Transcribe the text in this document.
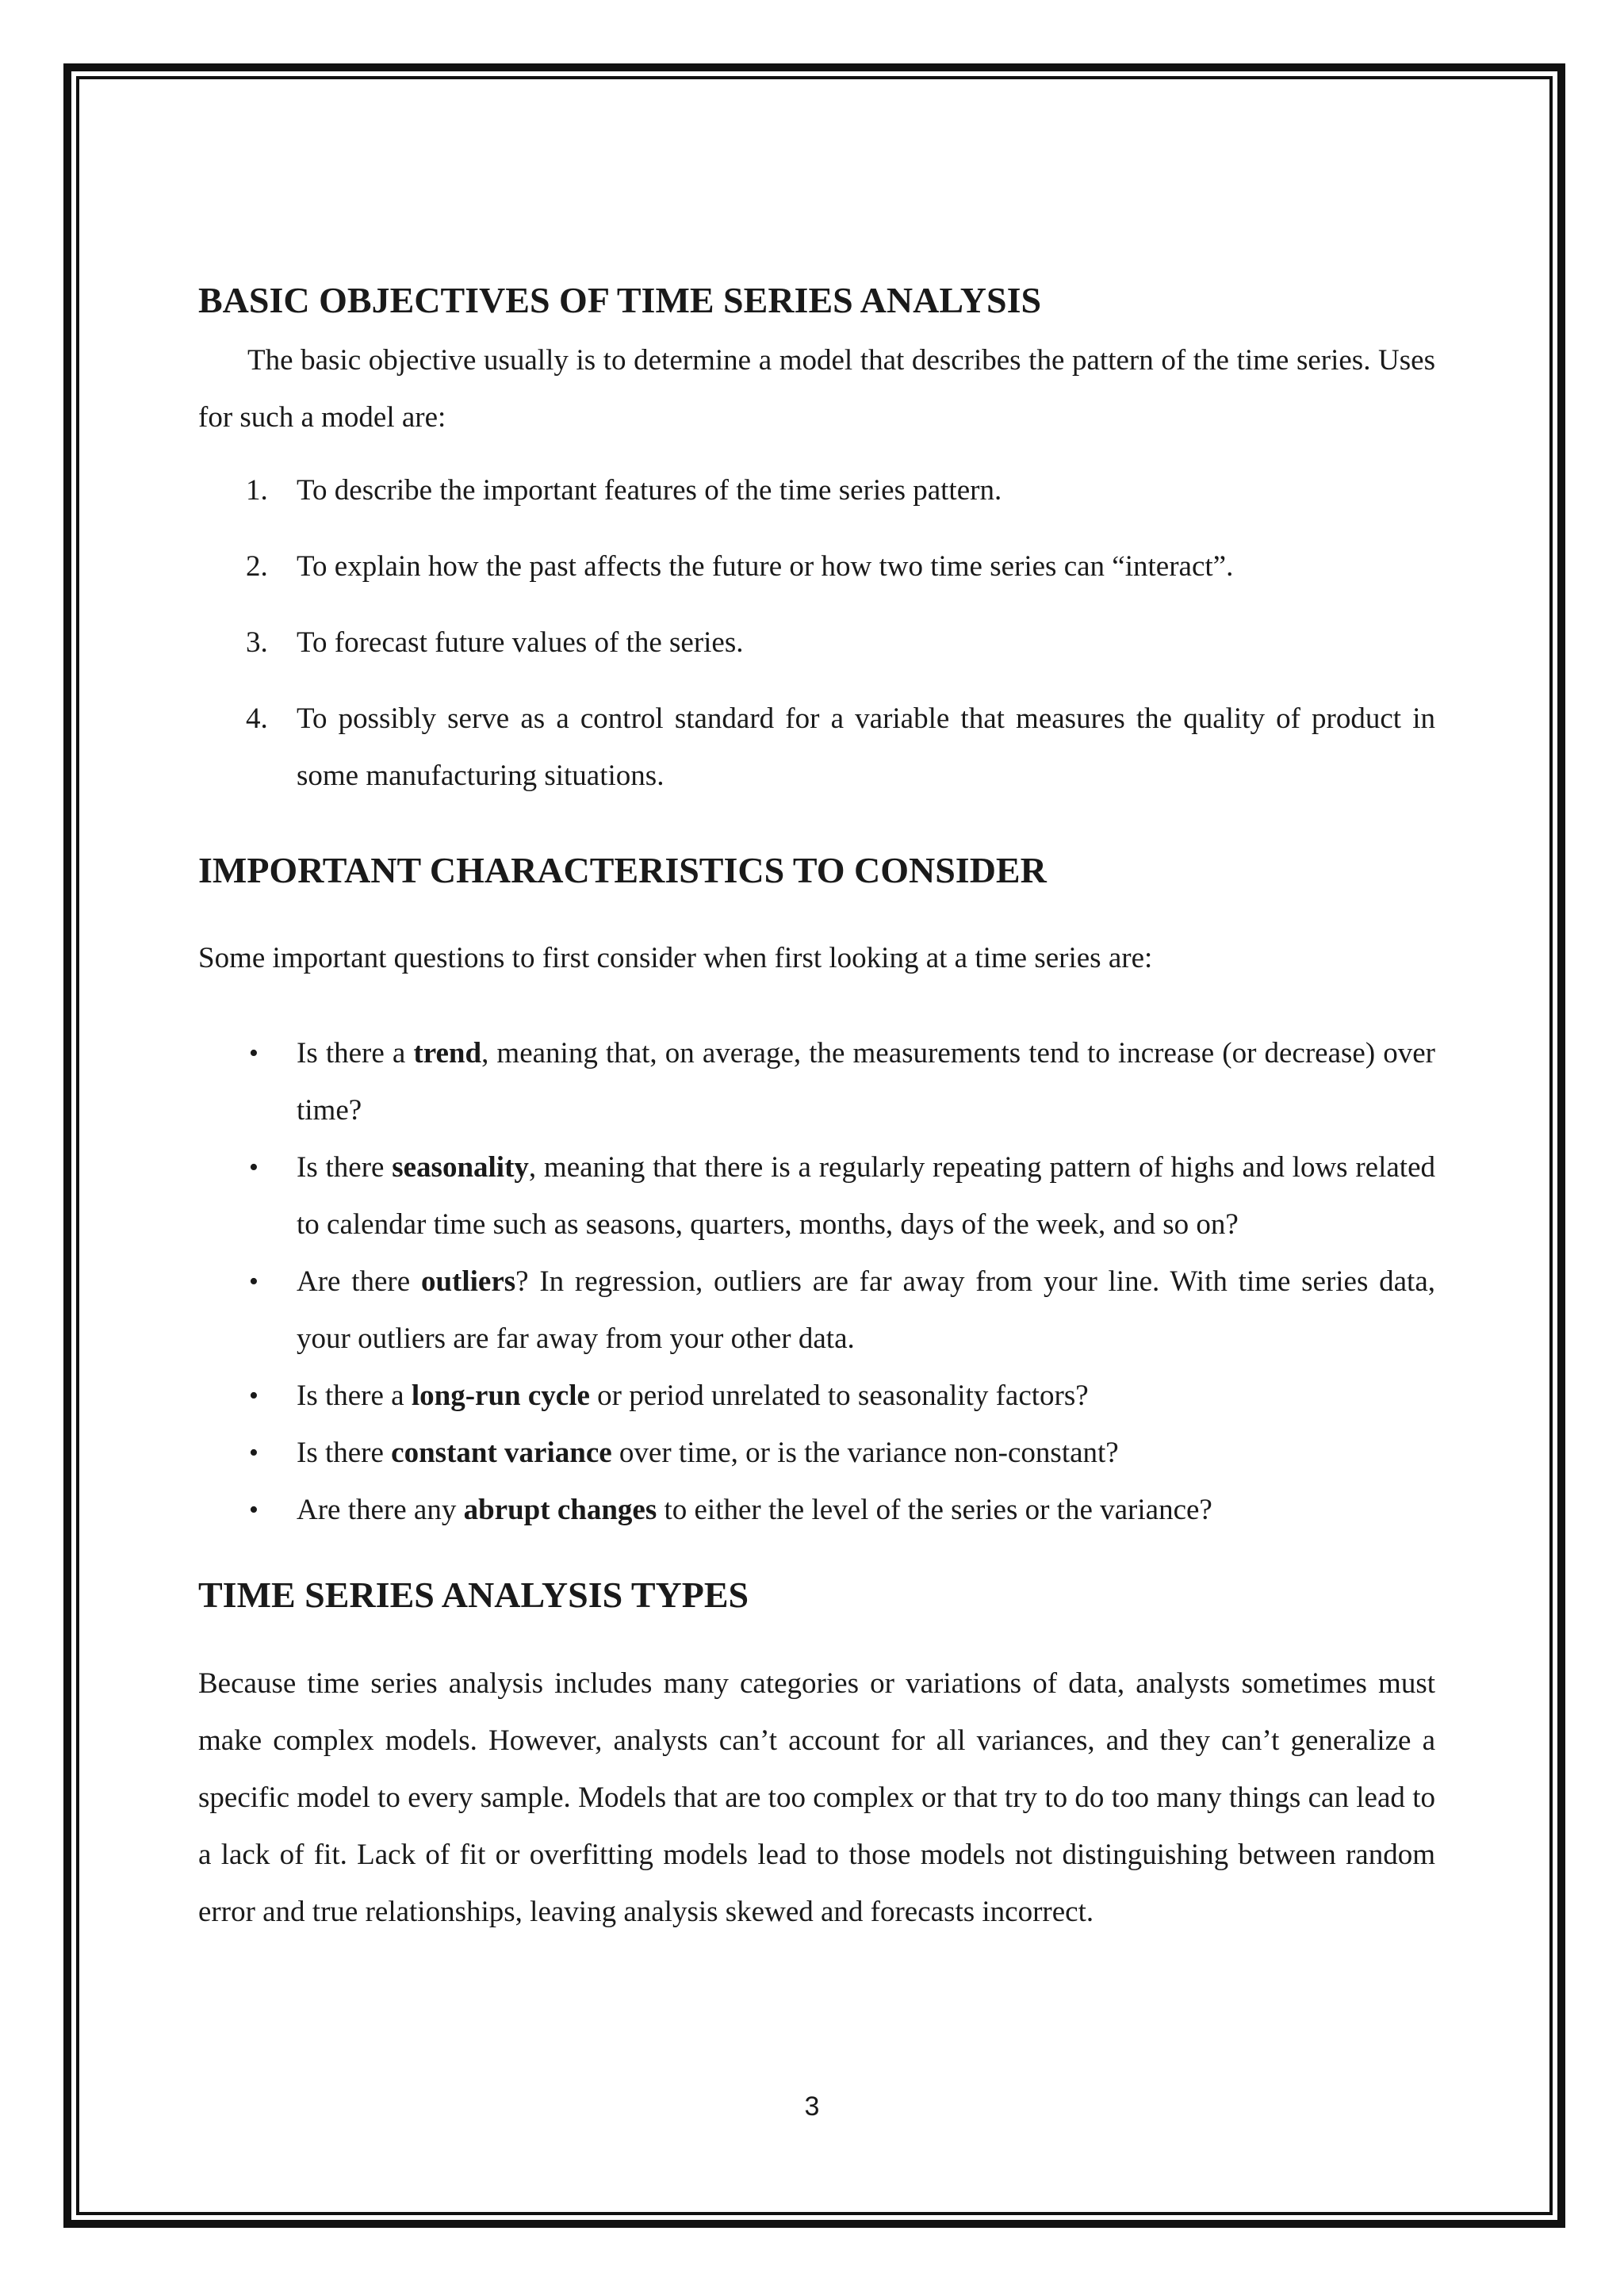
BASIC OBJECTIVES OF TIME SERIES ANALYSIS

The basic objective usually is to determine a model that describes the pattern of the time series. Uses for such a model are:

1. To describe the important features of the time series pattern.
2. To explain how the past affects the future or how two time series can “interact”.
3. To forecast future values of the series.
4. To possibly serve as a control standard for a variable that measures the quality of product in some manufacturing situations.
IMPORTANT CHARACTERISTICS TO CONSIDER

Some important questions to first consider when first looking at a time series are:

• Is there a trend, meaning that, on average, the measurements tend to increase (or decrease) over time?
• Is there seasonality, meaning that there is a regularly repeating pattern of highs and lows related to calendar time such as seasons, quarters, months, days of the week, and so on?
• Are there outliers? In regression, outliers are far away from your line. With time series data, your outliers are far away from your other data.
• Is there a long-run cycle or period unrelated to seasonality factors?
• Is there constant variance over time, or is the variance non-constant?
• Are there any abrupt changes to either the level of the series or the variance?
TIME SERIES ANALYSIS TYPES

Because time series analysis includes many categories or variations of data, analysts sometimes must make complex models. However, analysts can’t account for all variances, and they can’t generalize a specific model to every sample. Models that are too complex or that try to do too many things can lead to a lack of fit. Lack of fit or overfitting models lead to those models not distinguishing between random error and true relationships, leaving analysis skewed and forecasts incorrect.

3
